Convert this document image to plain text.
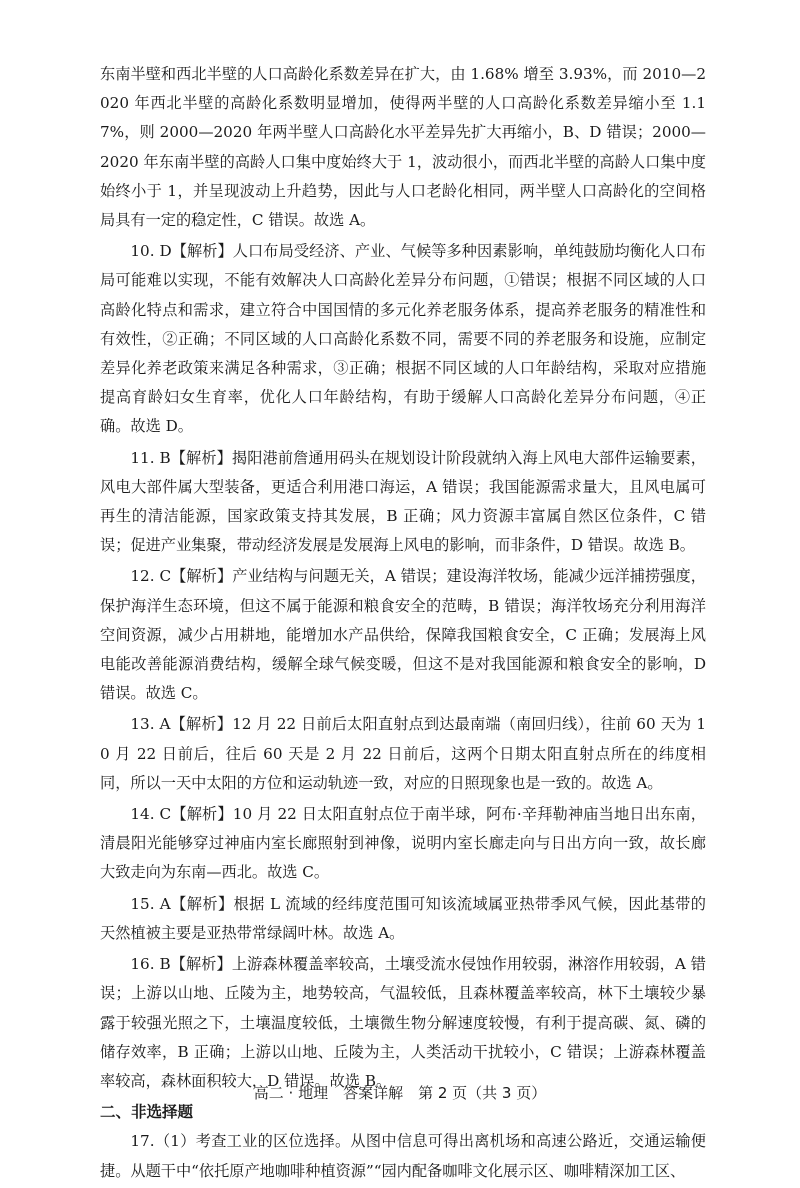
东南半壁和西北半壁的人口高龄化系数差异在扩大，由 1.68% 增至 3.93%，而 2010—2020 年西北半壁的高龄化系数明显增加，使得两半壁的人口高龄化系数差异缩小至 1.17%，则 2000—2020 年两半壁人口高龄化水平差异先扩大再缩小，B、D 错误；2000—2020 年东南半壁的高龄人口集中度始终大于 1，波动很小，而西北半壁的高龄人口集中度始终小于 1，并呈现波动上升趋势，因此与人口老龄化相同，两半壁人口高龄化的空间格局具有一定的稳定性，C 错误。故选 A。

10. D【解析】人口布局受经济、产业、气候等多种因素影响，单纯鼓励均衡化人口布局可能难以实现，不能有效解决人口高龄化差异分布问题，①错误；根据不同区域的人口高龄化特点和需求，建立符合中国国情的多元化养老服务体系，提高养老服务的精准性和有效性，②正确；不同区域的人口高龄化系数不同，需要不同的养老服务和设施，应制定差异化养老政策来满足各种需求，③正确；根据不同区域的人口年龄结构，采取对应措施提高育龄妇女生育率，优化人口年龄结构，有助于缓解人口高龄化差异分布问题，④正确。故选 D。

11. B【解析】揭阳港前詹通用码头在规划设计阶段就纳入海上风电大部件运输要素，风电大部件属大型装备，更适合利用港口海运，A 错误；我国能源需求量大，且风电属可再生的清洁能源，国家政策支持其发展，B 正确；风力资源丰富属自然区位条件，C 错误；促进产业集聚，带动经济发展是发展海上风电的影响，而非条件，D 错误。故选 B。

12. C【解析】产业结构与问题无关，A 错误；建设海洋牧场，能减少远洋捕捞强度，保护海洋生态环境，但这不属于能源和粮食安全的范畴，B 错误；海洋牧场充分利用海洋空间资源，减少占用耕地，能增加水产品供给，保障我国粮食安全，C 正确；发展海上风电能改善能源消费结构，缓解全球气候变暖，但这不是对我国能源和粮食安全的影响，D 错误。故选 C。

13. A【解析】12 月 22 日前后太阳直射点到达最南端（南回归线），往前 60 天为 10 月 22 日前后，往后 60 天是 2 月 22 日前后，这两个日期太阳直射点所在的纬度相同，所以一天中太阳的方位和运动轨迹一致，对应的日照现象也是一致的。故选 A。

14. C【解析】10 月 22 日太阳直射点位于南半球，阿布·辛拜勒神庙当地日出东南，清晨阳光能够穿过神庙内室长廊照射到神像，说明内室长廊走向与日出方向一致，故长廊大致走向为东南—西北。故选 C。

15. A【解析】根据 L 流域的经纬度范围可知该流域属亚热带季风气候，因此基带的天然植被主要是亚热带常绿阔叶林。故选 A。

16. B【解析】上游森林覆盖率较高，土壤受流水侵蚀作用较弱，淋溶作用较弱，A 错误；上游以山地、丘陵为主，地势较高，气温较低，且森林覆盖率较高，林下土壤较少暴露于较强光照之下，土壤温度较低，土壤微生物分解速度较慢，有利于提高碳、氮、磷的储存效率，B 正确；上游以山地、丘陵为主，人类活动干扰较小，C 错误；上游森林覆盖率较高，森林面积较大，D 错误。故选 B。

二、非选择题

17.（1）考查工业的区位选择。从图中信息可得出离机场和高速公路近，交通运输便捷。从题干中“依托原产地咖啡种植资源”“园内配备咖啡文化展示区、咖啡精深加工区、

高二 · 地理　答案详解　第 2 页（共 3 页）
